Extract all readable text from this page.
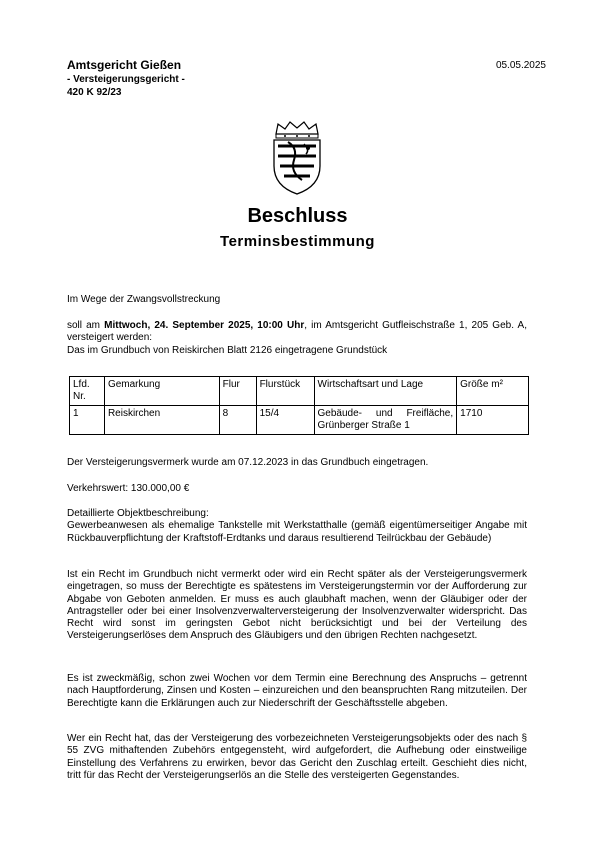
Amtsgericht Gießen
- Versteigerungsgericht -
420 K 92/23
05.05.2025
Beschluss
Terminsbestimmung
Im Wege der Zwangsvollstreckung
soll am Mittwoch, 24. September 2025, 10:00 Uhr, im Amtsgericht Gutfleischstraße 1, 205 Geb. A, versteigert werden:
Das im Grundbuch von Reiskirchen Blatt 2126 eingetragene Grundstück
Lfd. Nr.	Gemarkung	Flur	Flurstück	Wirtschaftsart und Lage	Größe m²
1	Reiskirchen	8	15/4	Gebäude- und Freifläche, Grünberger Straße 1	1710
Der Versteigerungsvermerk wurde am 07.12.2023 in das Grundbuch eingetragen.
Verkehrswert: 130.000,00 €
Detaillierte Objektbeschreibung:
Gewerbeanwesen als ehemalige Tankstelle mit Werkstatthalle (gemäß eigentümerseitiger Angabe mit Rückbauverpflichtung der Kraftstoff-Erdtanks und daraus resultierend Teilrückbau der Gebäude)
Ist ein Recht im Grundbuch nicht vermerkt oder wird ein Recht später als der Versteigerungsvermerk eingetragen, so muss der Berechtigte es spätestens im Versteigerungstermin vor der Aufforderung zur Abgabe von Geboten anmelden. Er muss es auch glaubhaft machen, wenn der Gläubiger oder der Antragsteller oder bei einer Insolvenzverwalterversteigerung der Insolvenzverwalter widerspricht. Das Recht wird sonst im geringsten Gebot nicht berücksichtigt und bei der Verteilung des Versteigerungserlöses dem Anspruch des Gläubigers und den übrigen Rechten nachgesetzt.
Es ist zweckmäßig, schon zwei Wochen vor dem Termin eine Berechnung des Anspruchs – getrennt nach Hauptforderung, Zinsen und Kosten – einzureichen und den beanspruchten Rang mitzuteilen. Der Berechtigte kann die Erklärungen auch zur Niederschrift der Geschäftsstelle abgeben.
Wer ein Recht hat, das der Versteigerung des vorbezeichneten Versteigerungsobjekts oder des nach § 55 ZVG mithaftenden Zubehörs entgegensteht, wird aufgefordert, die Aufhebung oder einstweilige Einstellung des Verfahrens zu erwirken, bevor das Gericht den Zuschlag erteilt. Geschieht dies nicht, tritt für das Recht der Versteigerungserlös an die Stelle des versteigerten Gegenstandes.
